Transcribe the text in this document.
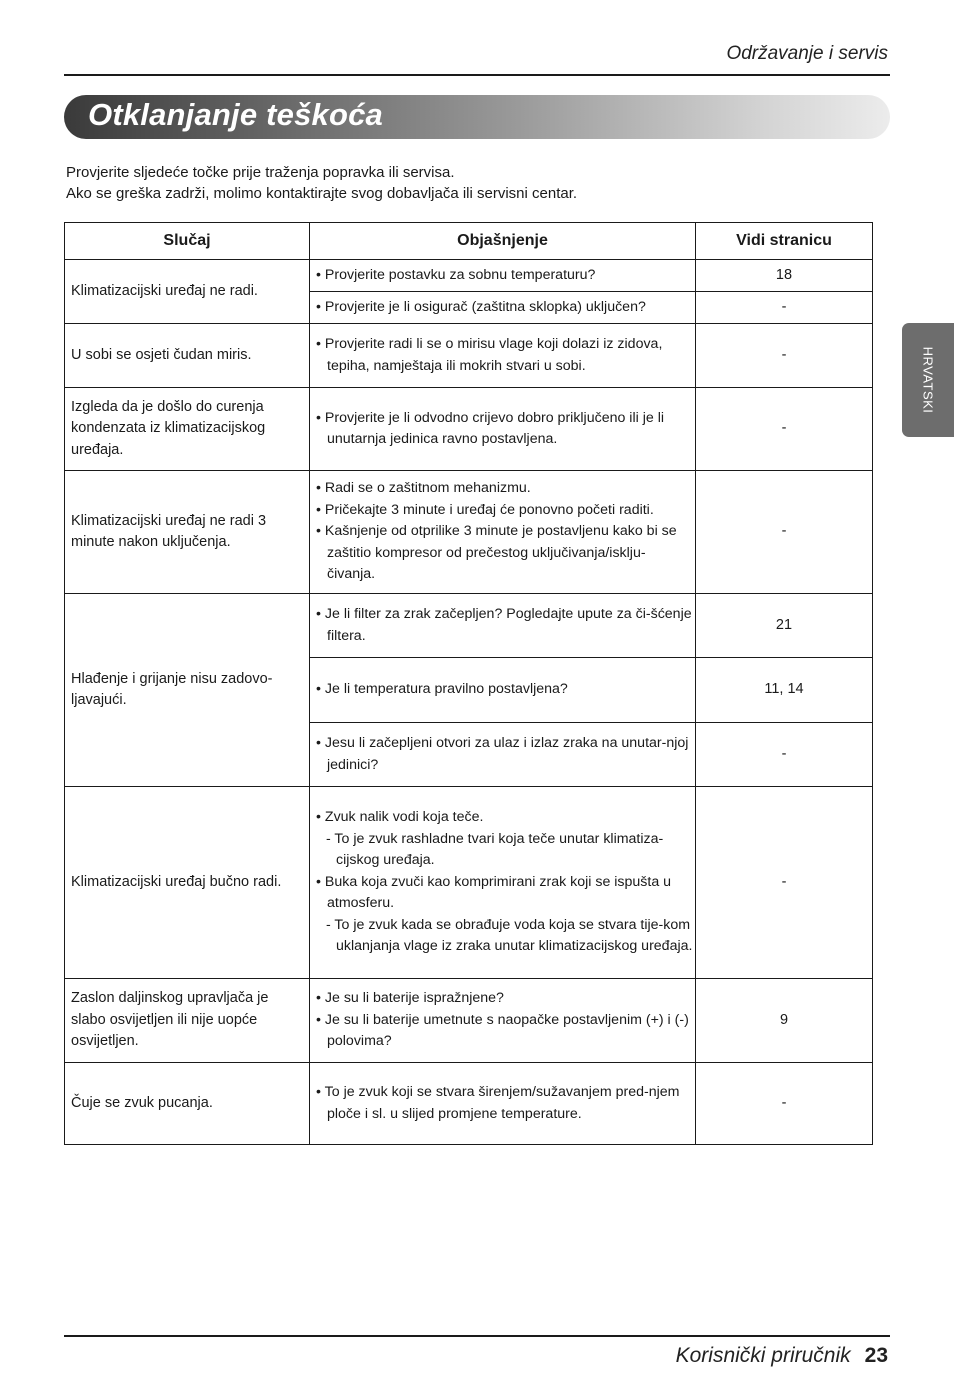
Održavanje i servis
Otklanjanje teškoća
Provjerite sljedeće točke prije traženja popravka ili servisa.
Ako se greška zadrži, molimo kontaktirajte svog dobavljača ili servisni centar.
HRVATSKI
Slučaj	Objašnjenje	Vidi stranicu
Klimatizacijski uređaj ne radi.	• Provjerite postavku za sobnu temperaturu?	18

	• Provjerite je li osigurač (zaštitna sklopka) uključen?	-
U sobi se osjeti čudan miris.	• Provjerite radi li se o mirisu vlage koji dolazi iz zidova, tepiha, namještaja ili mokrih stvari u sobi.	-
Izgleda da je došlo do curenja kondenzata iz klimatizacijskog uređaja.	• Provjerite je li odvodno crijevo dobro priključeno ili je li unutarnja jedinica ravno postavljena.	-
Klimatizacijski uređaj ne radi 3 minute nakon uključenja.	• Radi se o zaštitnom mehanizmu.
• Pričekajte 3 minute i uređaj će ponovno početi raditi.
• Kašnjenje od otprilike 3 minute je postavljenu kako bi se zaštitio kompresor od prečestog uključivanja/isklju-čivanja.	-
Hlađenje i grijanje nisu zadovo-ljavajući.	• Je li filter za zrak začepljen? Pogledajte upute za či-šćenje filtera.	21

	• Je li temperatura pravilno postavljena?	11, 14

	• Jesu li začepljeni otvori za ulaz i izlaz zraka na unutar-njoj jedinici?	-
Klimatizacijski uređaj bučno radi.	• Zvuk nalik vodi koja teče.
- To je zvuk rashladne tvari koja teče unutar klimatiza-cijskog uređaja.
• Buka koja zvuči kao komprimirani zrak koji se ispušta u atmosferu.
- To je zvuk kada se obrađuje voda koja se stvara tije-kom uklanjanja vlage iz zraka unutar klimatizacijskog uređaja.	-
Zaslon daljinskog upravljača je slabo osvijetljen ili nije uopće osvijetljen.	• Je su li baterije ispražnjene?
• Je su li baterije umetnute s naopačke postavljenim (+) i (-) polovima?	9
Čuje se zvuk pucanja.	• To je zvuk koji se stvara širenjem/sužavanjem pred-njem ploče i sl. u slijed promjene temperature.	-
Korisnički priručnik 23
